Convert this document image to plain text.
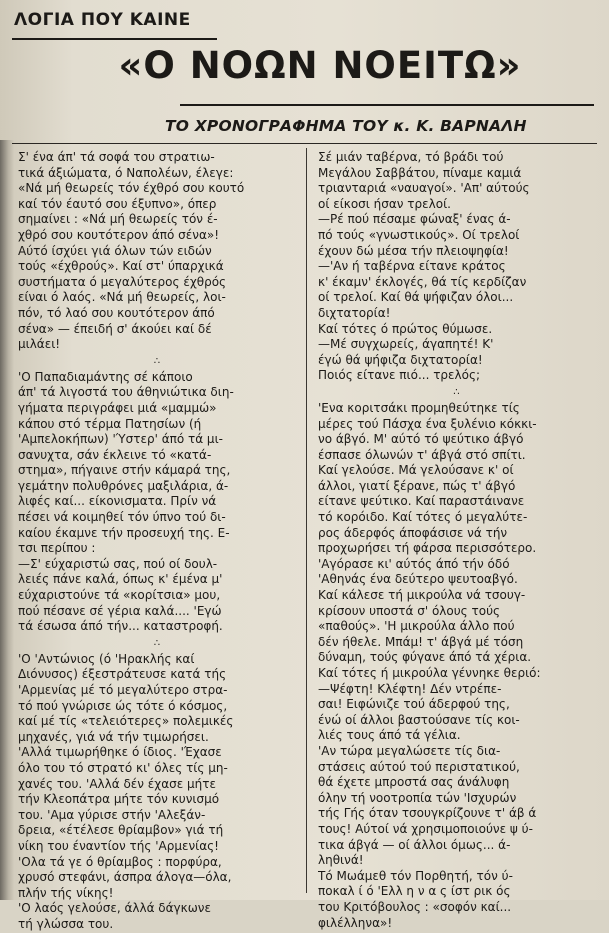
ΛΟΓΙΑ ΠΟΥ ΚΑΙΝΕ
«Ο ΝΟΩΝ ΝΟΕΙΤΩ»
ΤΟ ΧΡΟΝΟΓΡΑΦΗΜΑ ΤΟΥ κ. Κ. ΒΑΡΝΑΛΗ
Σ' ένα άπ' τά σοφά του στρατιω-
τικά άξιώματα, ό Ναπολέων, έλεγε:
«Νά μή θεωρείς τόν έχθρό σου κουτό
καί τόν έαυτό σου έξυπνο», όπερ
σημαίνει : «Νά μή θεωρείς τόν έ-
χθρό σου κουτότερον άπό σένα»!
Αύτό ίσχύει γιά όλων τών ειδών
τούς «έχθρούς». Καί στ' ύπαρχικά
συστήματα ό μεγαλύτερος έχθρός
είναι ό λαός. «Νά μή θεωρείς, λοι-
πόν, τό λαό σου κουτότερον άπό
σένα» — έπειδή σ' άκούει καί δέ
μιλάει!
∴
'Ο Παπαδιαμάντης σέ κάποιο
άπ' τά λιγοστά του άθηνιώτικα διη-
γήματα περιγράφει μιά «μαμμώ»
κάπου στό τέρμα Πατησίων (ή
'Αμπελοκήπων) 'Ύστερ' άπό τά μι-
σανυχτα, σάν έκλεινε τό «κατά-
στημα», πήγαινε στήν κάμαρά της,
γεμάτην πολυθρόνες μαξιλάρια, ά-
λιφές καί... είκονισματα. Πρίν νά
πέσει νά κοιμηθεί τόν ύπνο τού δι-
καίου έκαμνε τήν προσευχή της. Ε-
τσι περίπου :
—Σ' εύχαριστώ σας, πού οί δουλ-
λειές πάνε καλά, όπως κ' έμένα μ'
εύχαριστούνε τά «κορίτσια» μου,
πού πέσανε σέ γέρια καλά.... 'Εγώ
τά έσωσα άπό τήν... καταστροφή.
∴
'Ο 'Αντώνιος (ό 'Ηρακλής καί
Διόνυσος) έξεστράτευσε κατά τής
'Αρμενίας μέ τό μεγαλύτερο στρα-
τό πού γνώρισε ώς τότε ό κόσμος,
καί μέ τίς «τελειότερες» πολεμικές
μηχανές, γιά νά τήν τιμωρήσει.
'Αλλά τιμωρήθηκε ό ίδιος. 'Έχασε
όλο του τό στρατό κι' όλες τίς μη-
χανές του. 'Αλλά δέν έχασε μήτε
τήν Κλεοπάτρα μήτε τόν κυνισμό
του. 'Αμα γύρισε στήν 'Αλεξάν-
δρεια, «έτέλεσε θρίαμβον» γιά τή
νίκη του έναντίον τής 'Αρμενίας!
'Ολα τά γε ό θρίαμβος : πορφύρα,
χρυσό στεφάνι, άσπρα άλογα—όλα,
πλήν τής νίκης!
'Ο λαός γελούσε, άλλά δάγκωνε
τή γλώσσα του.
Σέ μιάν ταβέρνα, τό βράδι τού
Μεγάλου Σαββάτου, πίναμε καμιά
τριανταριά «ναυαγοί». 'Απ' αύτούς
οί είκοσι ήσαν τρελοί.
—Ρέ πού πέσαμε φώναξ' ένας ά-
πό τούς «γνωστικούς». Οί τρελοί
έχουν δώ μέσα τήν πλειοψηφία!
—'Αν ή ταβέρνα είτανε κράτος
κ' έκαμν' έκλογές, θά τίς κερδίζαν
οί τρελοί. Καί θά ψήφιζαν όλοι...
διχτατορία!
Καί τότες ό πρώτος θύμωσε.
—Μέ συγχωρείς, άγαπητέ! Κ'
έγώ θά ψήφιζα διχτατορία!
Ποιός είτανε πιό... τρελός;
∴
'Ενα κοριτσάκι προμηθεύτηκε τίς
μέρες τού Πάσχα ένα ξυλένιο κόκκι-
νο άβγό. Μ' αύτό τό ψεύτικο άβγό
έσπασε όλωνών τ' άβγά στό σπίτι.
Καί γελούσε. Μά γελούσανε κ' οί
άλλοι, γιατί ξέρανε, πώς τ' άβγό
είτανε ψεύτικο. Καί παραστάινανε
τό κορόιδο. Καί τότες ό μεγαλύτε-
ρος άδερφός άποφάσισε νά τήν
προχωρήσει τή φάρσα περισσότερο.
'Αγόρασε κι' αύτός άπό τήν όδό
'Αθηνάς ένα δεύτερο ψευτοαβγό.
Καί κάλεσε τή μικρούλα νά τσουγ-
κρίσουν υποστά σ' όλους τούς
«παθούς». 'Η μικρούλα άλλο πού
δέν ήθελε. Μπάμ! τ' άβγά μέ τόση
δύναμη, τούς φύγανε άπό τά χέρια.
Καί τότες ή μικρούλα γέννηκε θεριό:
—Ψέφτη! Κλέφτη! Δέν ντρέπε-
σαι! Ειφώνιζε τού άδερφού της,
ένώ οί άλλοι βαστούσανε τίς κοι-
λιές τους άπό τά γέλια.
'Αν τώρα μεγαλώσετε τίς δια-
στάσεις αύτού τού περιστατικού,
θά έχετε μπροστά σας άνάλυφη
όλην τή νοοτροπία τών 'Ισχυρών
τής Γής όταν τσουγκρίζουνε τ' άβ ά
τους! Αύτοί νά χρησιμοποιούνε ψ ύ-
τικα άβγά — οί άλλοι όμως... ά-
ληθινά!
Τό Μωάμεθ τόν Πορθητή, τόν ύ-
ποκαλ ί ό 'Ελλ η ν α ς ίστ ρικ ός
του Κριτόβουλος : «σοφόν καί...
φιλέλληνα»!
